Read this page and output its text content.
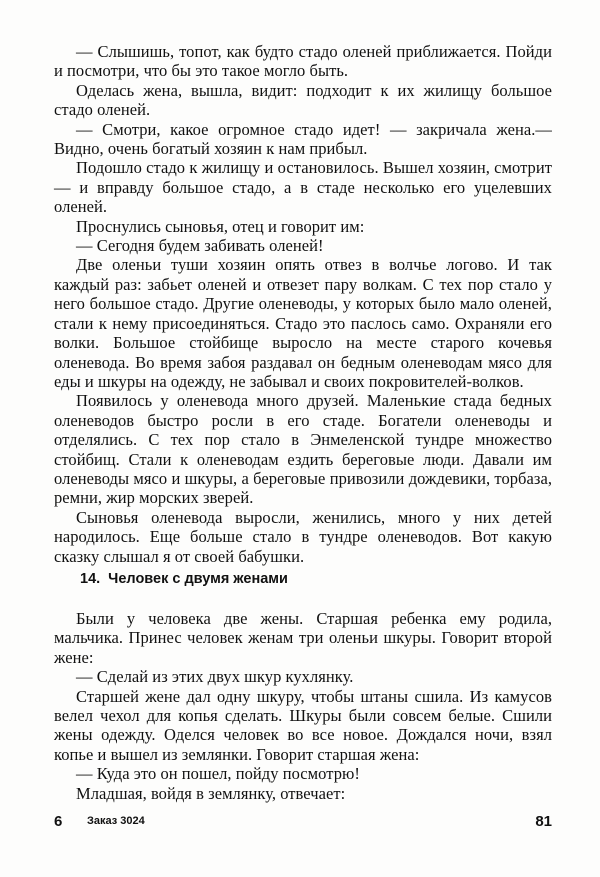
— Слышишь, топот, как будто стадо оленей приближается. Пойди и посмотри, что бы это такое могло быть.

Оделась жена, вышла, видит: подходит к их жилищу большое стадо оленей.

— Смотри, какое огромное стадо идет! — закричала жена.— Видно, очень богатый хозяин к нам прибыл.

Подошло стадо к жилищу и остановилось. Вышел хозяин, смотрит — и вправду большое стадо, а в стаде несколько его уцелевших оленей.

Проснулись сыновья, отец и говорит им:

— Сегодня будем забивать оленей!

Две оленьи туши хозяин опять отвез в волчье логово. И так каждый раз: забьет оленей и отвезет пару волкам. С тех пор стало у него большое стадо. Другие оленеводы, у которых было мало оленей, стали к нему присоединяться. Стадо это паслось само. Охраняли его волки. Большое стойбище выросло на месте старого кочевья оленевода. Во время забоя раздавал он бедным оленеводам мясо для еды и шкуры на одежду, не забывал и своих покровителей-волков.

Появилось у оленевода много друзей. Маленькие стада бедных оленеводов быстро росли в его стаде. Богатели оленеводы и отделялись. С тех пор стало в Энмеленской тундре множество стойбищ. Стали к оленеводам ездить береговые люди. Давали им оленеводы мясо и шкуры, а береговые привозили дождевики, торбаза, ремни, жир морских зверей.

Сыновья оленевода выросли, женились, много у них детей народилось. Еще больше стало в тундре оленеводов. Вот какую сказку слышал я от своей бабушки.

14. Человек с двумя женами

Были у человека две жены. Старшая ребенка ему родила, мальчика. Принес человек женам три оленьи шкуры. Говорит второй жене:

— Сделай из этих двух шкур кухлянку.

Старшей жене дал одну шкуру, чтобы штаны сшила. Из камусов велел чехол для копья сделать. Шкуры были совсем белые. Сшили жены одежду. Оделся человек во все новое. Дождался ночи, взял копье и вышел из землянки. Говорит старшая жена:

— Куда это он пошел, пойду посмотрю!

Младшая, войдя в землянку, отвечает:

6 Заказ 3024	81
